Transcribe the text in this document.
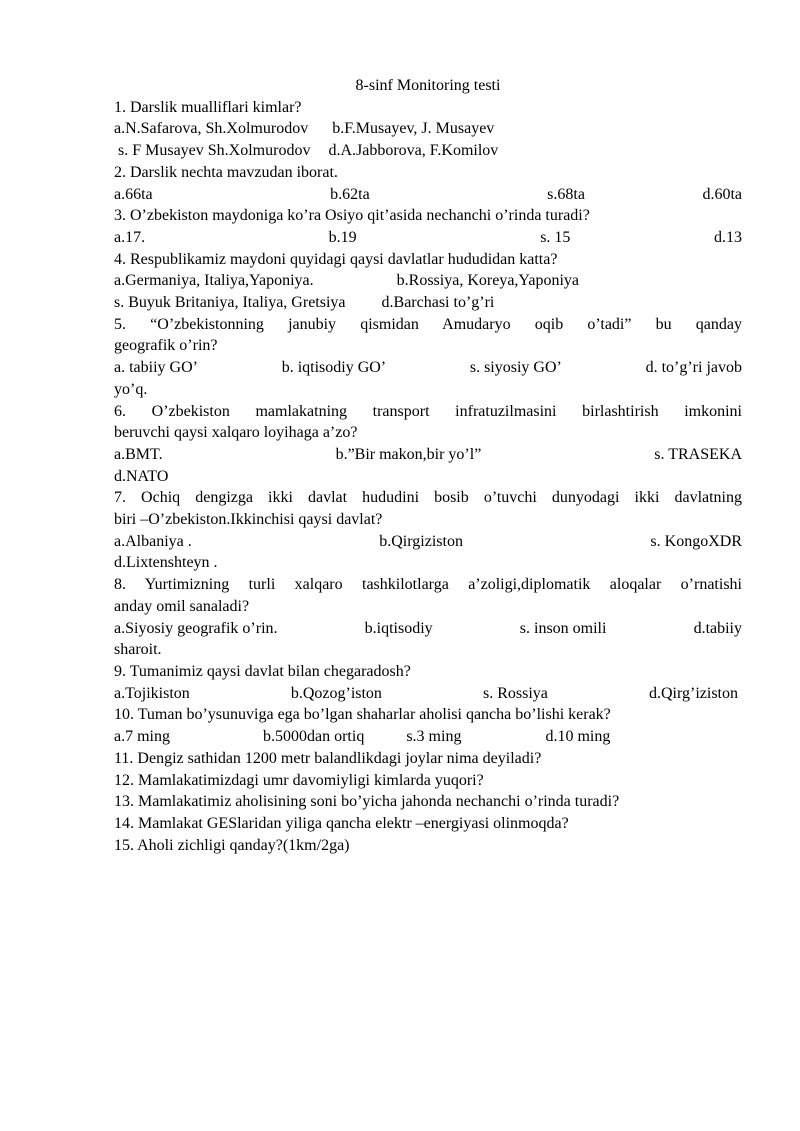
8-sinf Monitoring testi
1. Darslik mualliflari kimlar?
a.N.Safarova, Sh.Xolmurodov b.F.Musayev, J. Musayev
s. F Musayev Sh.Xolmurodov d.A.Jabborova, F.Komilov
2. Darslik nechta mavzudan iborat.
a.66ta	b.62ta	s.68ta	d.60ta
3. O’zbekiston maydoniga ko’ra Osiyo qit’asida nechanchi o’rinda turadi?
a.17.	b.19	s. 15	d.13
4. Respublikamiz maydoni quyidagi qaysi davlatlar hududidan katta?
a.Germaniya, Italiya,Yaponiya.	b.Rossiya, Koreya,Yaponiya
s. Buyuk Britaniya, Italiya, Gretsiya d.Barchasi to’g’ri
5. “O’zbekistonning janubiy qismidan Amudaryo oqib o’tadi” bu qanday
geografik o’rin?
a. tabiiy GO’	b. iqtisodiy GO’	s. siyosiy GO’	d. to’g’ri javob
yo’q.
6. O’zbekiston mamlakatning transport infratuzilmasini birlashtirish imkonini
beruvchi qaysi xalqaro loyihaga a’zo?
a.BMT.	b.”Bir makon,bir yo’l”	s. TRASEKA
d.NATO
7. Ochiq dengizga ikki davlat hududini bosib o’tuvchi dunyodagi ikki davlatning
biri –O’zbekiston.Ikkinchisi qaysi davlat?
a.Albaniya .	b.Qirgiziston	s. KongoXDR
d.Lixtenshteyn .
8. Yurtimizning turli xalqaro tashkilotlarga a’zoligi,diplomatik aloqalar o’rnatishi
anday omil sanaladi?
a.Siyosiy geografik o’rin.	b.iqtisodiy	s. inson omili	d.tabiiy
sharoit.
9. Tumanimiz qaysi davlat bilan chegaradosh?
a.Tojikiston	b.Qozog’iston	s. Rossiya	d.Qirg’iziston
10. Tuman bo’ysunuviga ega bo’lgan shaharlar aholisi qancha bo’lishi kerak?
a.7 ming	b.5000dan ortiq	s.3 ming	d.10 ming
11. Dengiz sathidan 1200 metr balandlikdagi joylar nima deyiladi?
12. Mamlakatimizdagi umr davomiyligi kimlarda yuqori?
13. Mamlakatimiz aholisining soni bo’yicha jahonda nechanchi o’rinda turadi?
14. Mamlakat GESlaridan yiliga qancha elektr –energiyasi olinmoqda?
15. Aholi zichligi qanday?(1km/2ga)
